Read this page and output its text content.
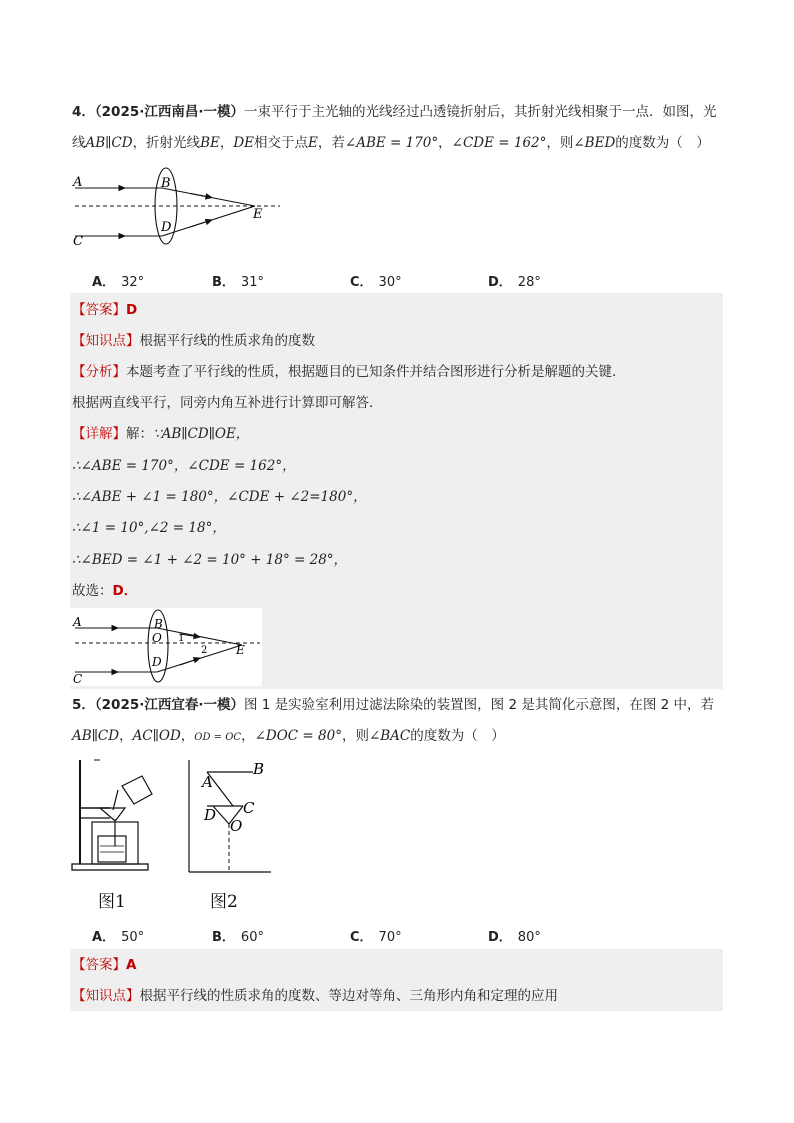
4．（2025·江西南昌·一模）一束平行于主光轴的光线经过凸透镜折射后，其折射光线相聚于一点．如图，光
线AB∥CD，折射光线BE，DE相交于点E，若∠ABE = 170°，∠CDE = 162°，则∠BED的度数为（　）
A	B
C
D
E
A． 32°	B． 31°	C． 30°	D． 28°
【答案】D
【知识点】根据平行线的性质求角的度数
【分析】本题考查了平行线的性质，根据题目的已知条件并结合图形进行分析是解题的关键．
根据两直线平行，同旁内角互补进行计算即可解答．
【详解】解：∵AB∥CD∥OE，
∴∠ABE = 170°，∠CDE = 162°，
∴∠ABE + ∠1 = 180°，∠CDE + ∠2=180°，
∴∠1 = 10°,∠2 = 18°，
∴∠BED = ∠1 + ∠2 = 10° + 18° = 28°，
故选：D．
A	B
O
C
D
E
1
2
5．（2025·江西宜春·一模）图 1 是实验室利用过滤法除染的装置图，图 2 是其简化示意图，在图 2 中，若
AB∥CD，AC∥OD，OD = OC，∠DOC = 80°，则∠BAC的度数为（　）
图1
A
B
D C
O
图2
A． 50°	B． 60°	C． 70°	D． 80°
【答案】A
【知识点】根据平行线的性质求角的度数、等边对等角、三角形内角和定理的应用
